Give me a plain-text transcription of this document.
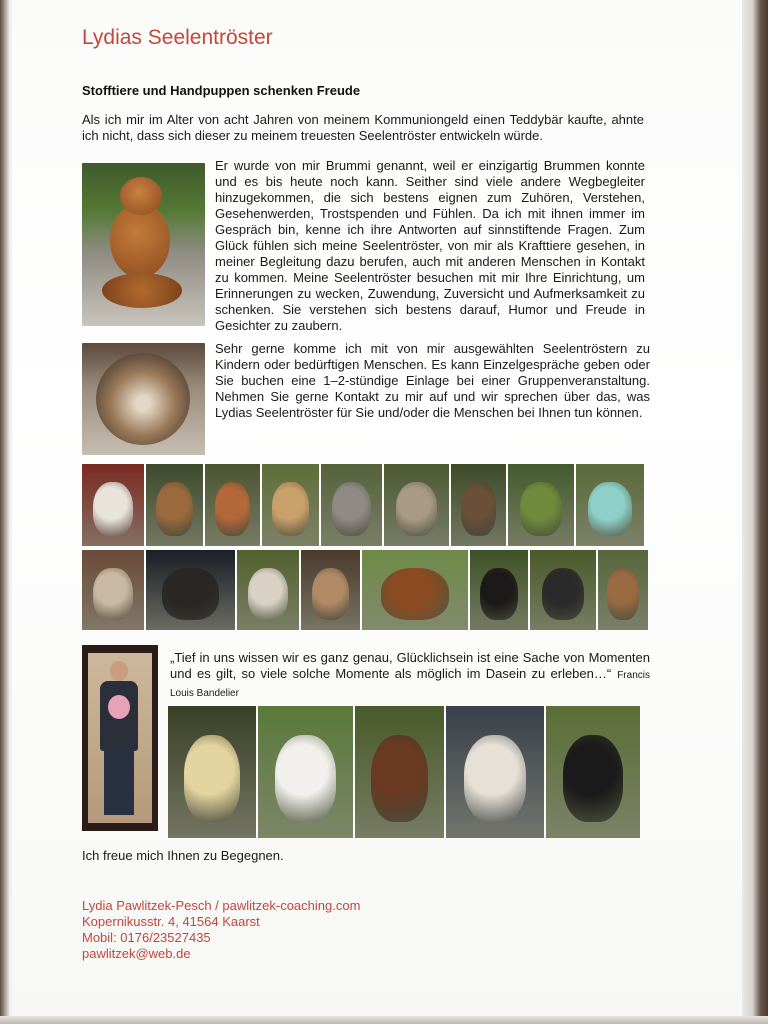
Lydias Seelentröster
Stofftiere und Handpuppen schenken Freude
Als ich mir im Alter von acht Jahren von meinem Kommuniongeld einen Teddybär kaufte, ahnte ich nicht, dass sich dieser zu meinem treuesten Seelentröster entwickeln würde.
Er wurde von mir Brummi genannt, weil er einzigartig Brummen konnte und es bis heute noch kann. Seither sind viele andere Wegbegleiter hinzugekommen, die sich bestens eignen zum Zuhören, Verstehen, Gesehenwerden, Trostspenden und Fühlen. Da ich mit ihnen immer im Gespräch bin, kenne ich ihre Antworten auf sinnstiftende Fragen. Zum Glück fühlen sich meine Seelentröster, von mir als Krafttiere gesehen, in meiner Begleitung dazu berufen, auch mit anderen Menschen in Kontakt zu kommen. Meine Seelentröster besuchen mit mir Ihre Einrichtung, um Erinnerungen zu wecken, Zuwendung, Zuversicht und Aufmerksamkeit zu schenken. Sie verstehen sich bestens darauf, Humor und Freude in Gesichter zu zaubern.
Sehr gerne komme ich mit von mir ausgewählten Seelentröstern zu Kindern oder bedürftigen Menschen. Es kann Einzelgespräche geben oder Sie buchen eine 1–2-stündige Einlage bei einer Gruppenveranstaltung. Nehmen Sie gerne Kontakt zu mir auf und wir sprechen über das, was Lydias Seelentröster für Sie und/oder die Menschen bei Ihnen tun können.
„Tief in uns wissen wir es ganz genau, Glücklichsein ist eine Sache von Momenten und es gilt, so viele solche Momente als möglich im Dasein zu erleben…“ Francis Louis Bandelier
Ich freue mich Ihnen zu Begegnen.
Lydia Pawlitzek-Pesch / pawlitzek-coaching.com
Kopernikusstr. 4, 41564 Kaarst
Mobil: 0176/23527435
pawlitzek@web.de
